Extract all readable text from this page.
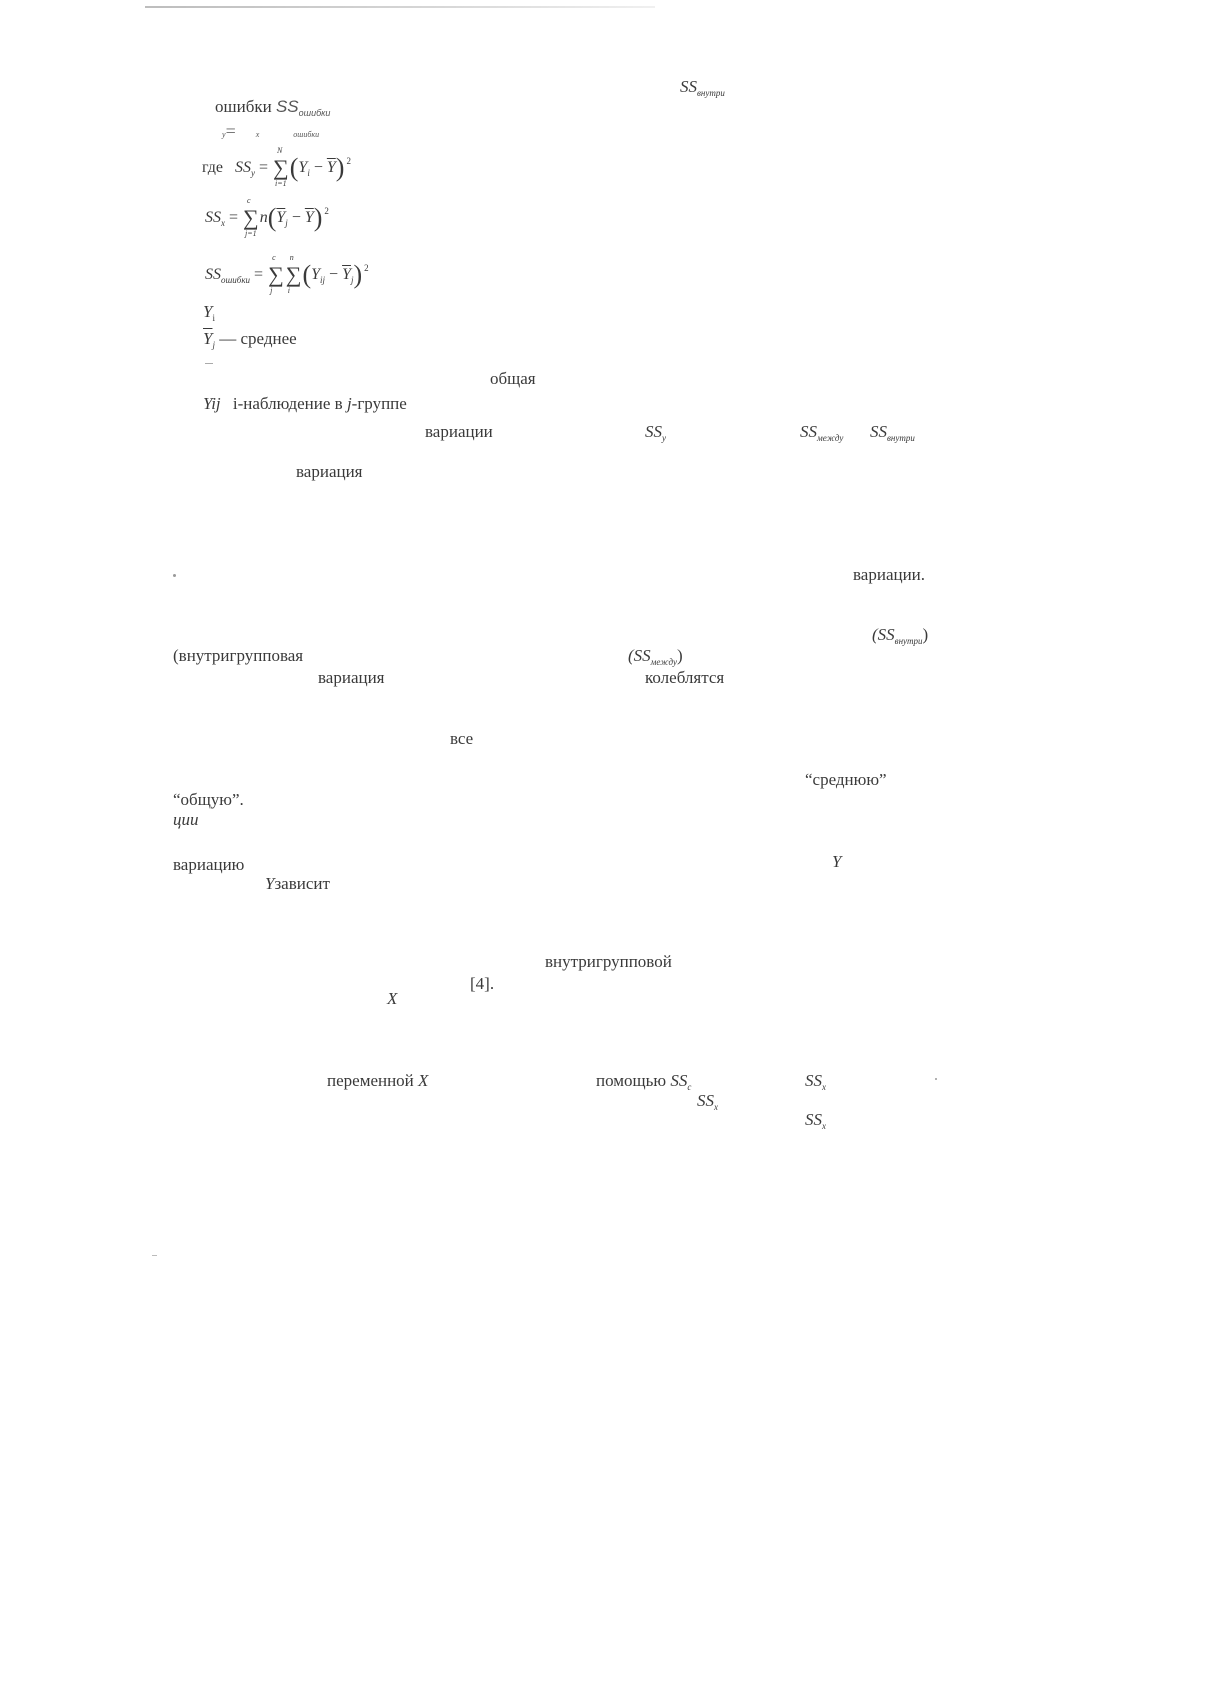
$SS_{внутри}$
ошибки $SS_{ошибки}$
y=	x	ошибки
где $SS_y$ = ∑
N
i=1
$(Y_i - \overline{Y})$ $^2$
$SS_x$ = ∑
c
j=1
$n(\overline{Y}_j - \overline{Y})$ $^2$
$SS_{ошибки}$ = ∑
c
j
∑
n
i
$(Y_{ij} - \overline{Y}_j)$ $^2$
$Y_i$
$\overline{Y}_j$ — среднее
общая
Yij i-наблюдение в j-группе
вариации	$SS_y$	$SS_{между}$ $SS_{внутри}$
вариация
вариации.
$(SS_{внутри})$
(внутригрупповая	$(SS_{между})$
вариация	колеблятся
все
“среднюю”
“общую”.
ции
Y
вариацию
Yзависит
внутригрупповой
[4].
X
переменной X	помощью $SS_c$	$SS_x$
$SS_x$
$SS_x$
